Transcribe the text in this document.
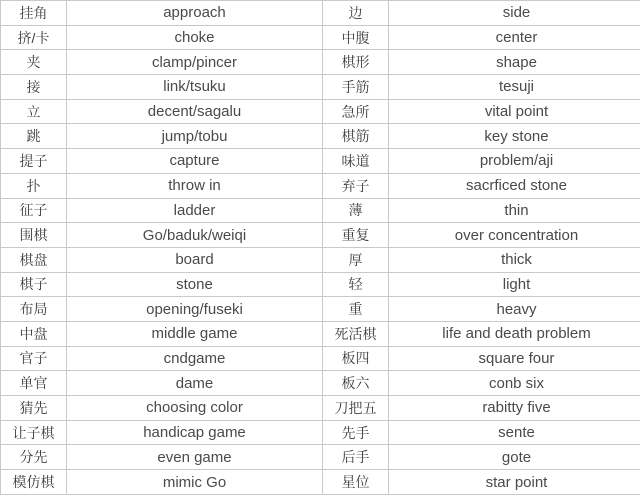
挂角	approach	边	side
挤/卡	choke	中腹	center
夹	clamp/pincer	棋形	shape
接	link/tsuku	手筋	tesuji
立	decent/sagalu	急所	vital point
跳	jump/tobu	棋筋	key stone
提子	capture	味道	problem/aji
扑	throw in	弃子	sacrficed stone
征子	ladder	薄	thin
围棋	Go/baduk/weiqi	重复	over concentration
棋盘	board	厚	thick
棋子	stone	轻	light
布局	opening/fuseki	重	heavy
中盘	middle game	死活棋	life and death problem
官子	cndgame	板四	square four
单官	dame	板六	conb six
猜先	choosing color	刀把五	rabitty five
让子棋	handicap game	先手	sente
分先	even game	后手	gote
模仿棋	mimic Go	星位	star point
